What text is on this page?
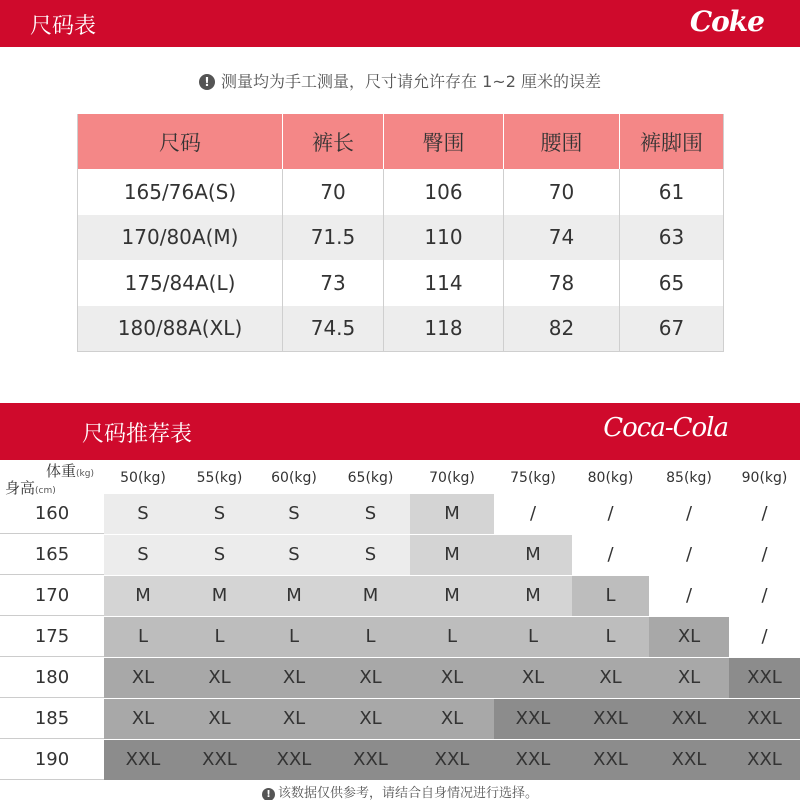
尺码表	Coke
! 测量均为手工测量，尺寸请允许存在 1~2 厘米的误差
尺码	裤长	臀围	腰围	裤脚围
165/76A(S)	70	106	70	61
170/80A(M)	71.5	110	74	63
175/84A(L)	73	114	78	65
180/88A(XL)	74.5	118	82	67
尺码推荐表	Coca-Cola
体重(kg)
身高(cm)
50(kg)	55(kg)	60(kg)	65(kg)	70(kg)	75(kg)	80(kg)	85(kg)	90(kg)
160	S	S	S	S	M	/	/	/	/
165	S	S	S	S	M	M	/	/	/
170	M	M	M	M	M	M	L	/	/
175	L	L	L	L	L	L	L	XL	/
180	XL	XL	XL	XL	XL	XL	XL	XL	XXL
185	XL	XL	XL	XL	XL	XXL	XXL	XXL	XXL
190	XXL	XXL	XXL	XXL	XXL	XXL	XXL	XXL	XXL
! 该数据仅供参考，请结合自身情况进行选择。
